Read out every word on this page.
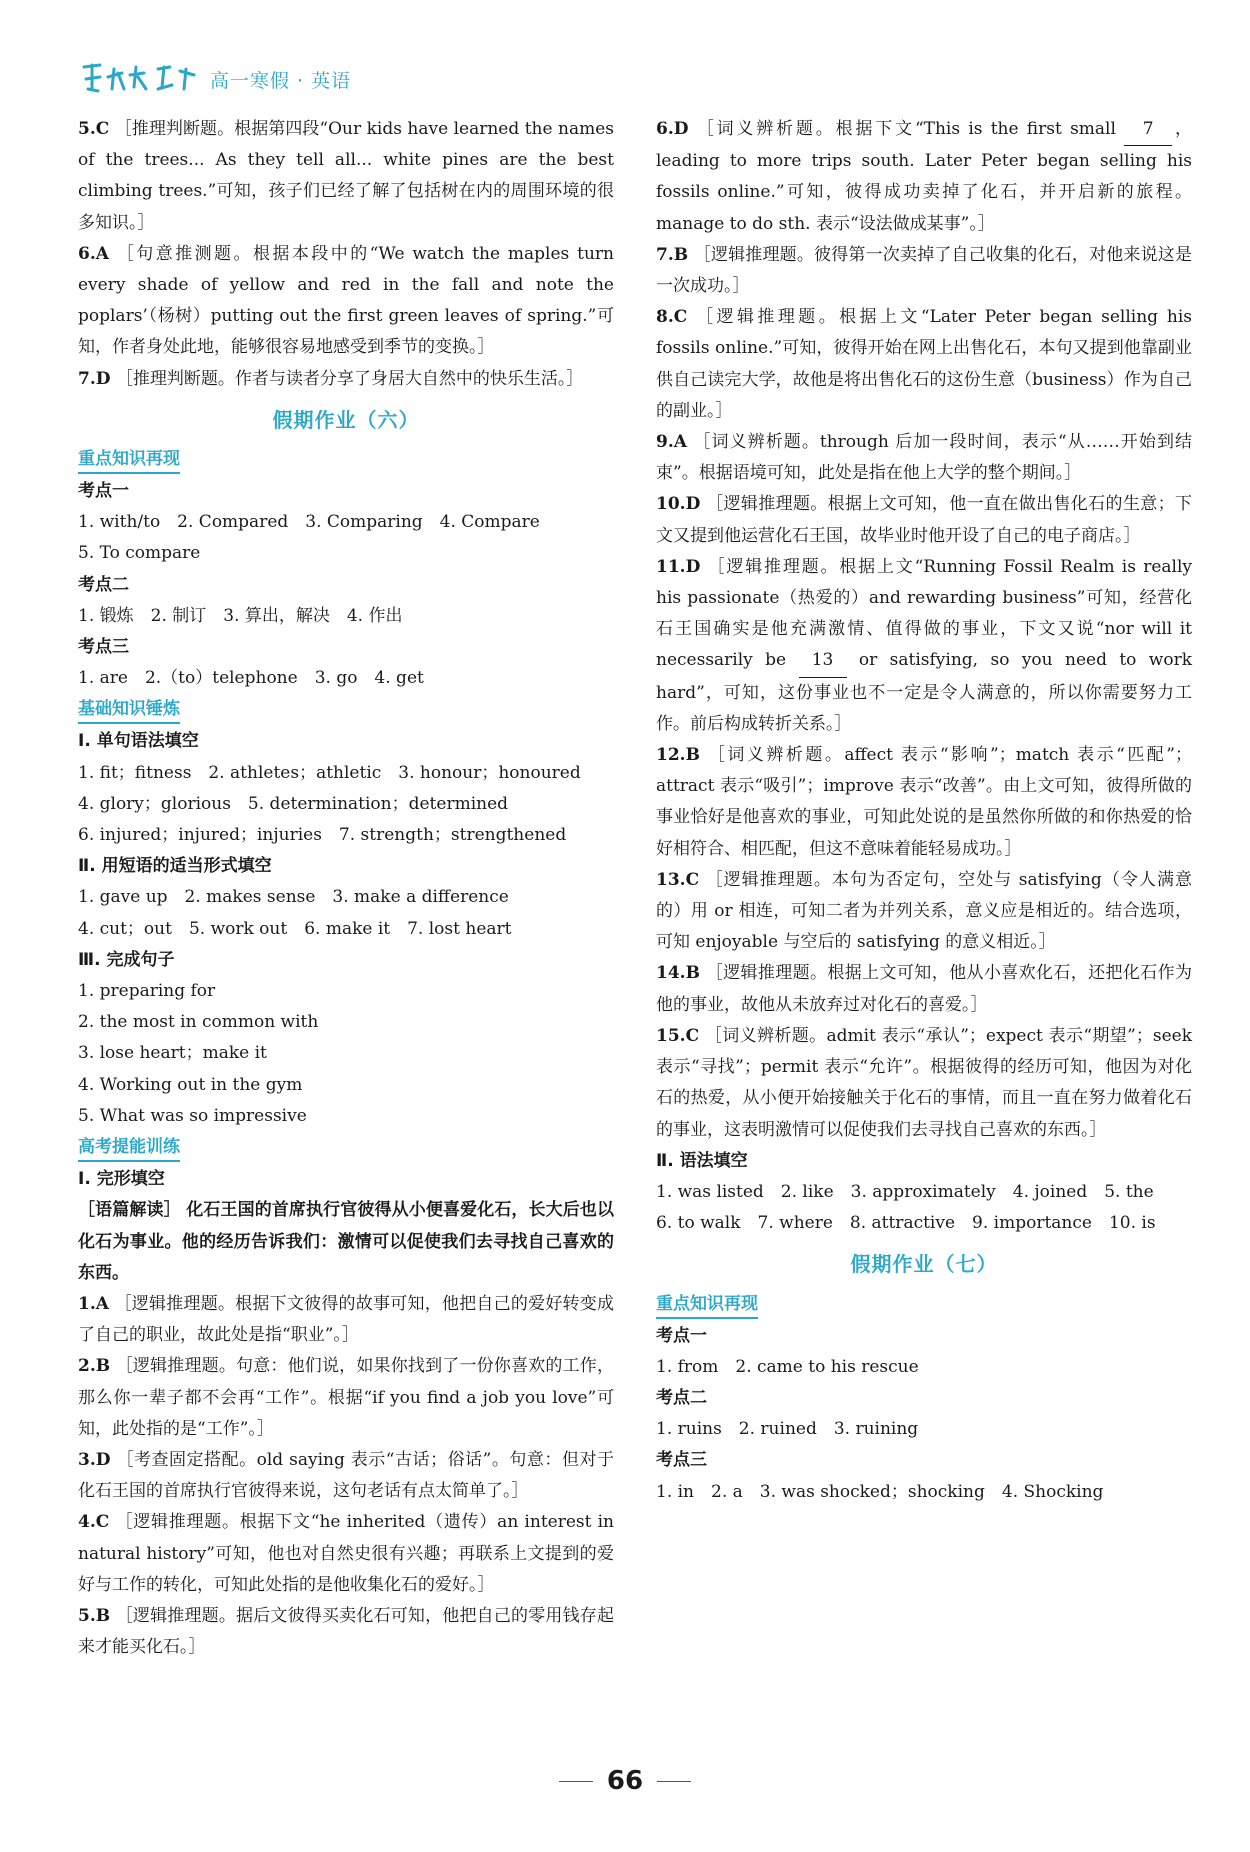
高一寒假 · 英语

5.C ［推理判断题。根据第四段“Our kids have learned the names of the trees... As they tell all... white pines are the best climbing trees.”可知，孩子们已经了解了包括树在内的周围环境的很多知识。］

6.A ［句意推测题。根据本段中的“We watch the maples turn every shade of yellow and red in the fall and note the poplars’（杨树）putting out the first green leaves of spring.”可知，作者身处此地，能够很容易地感受到季节的变换。］

7.D ［推理判断题。作者与读者分享了身居大自然中的快乐生活。］

假期作业（六）
重点知识再现
考点一
1. with/to　2. Compared　3. Comparing　4. Compare
5. To compare
考点二
1. 锻炼　2. 制订　3. 算出，解决　4. 作出
考点三
1. are　2.（to）telephone　3. go　4. get
基础知识锤炼
Ⅰ. 单句语法填空
1. fit；fitness　2. athletes；athletic　3. honour；honoured
4. glory；glorious　5. determination；determined
6. injured；injured；injuries　7. strength；strengthened
Ⅱ. 用短语的适当形式填空
1. gave up　2. makes sense　3. make a difference
4. cut；out　5. work out　6. make it　7. lost heart
Ⅲ. 完成句子
1. preparing for
2. the most in common with
3. lose heart；make it
4. Working out in the gym
5. What was so impressive
高考提能训练
Ⅰ. 完形填空

［语篇解读］ 化石王国的首席执行官彼得从小便喜爱化石，长大后也以化石为事业。他的经历告诉我们：激情可以促使我们去寻找自己喜欢的东西。

1.A ［逻辑推理题。根据下文彼得的故事可知，他把自己的爱好转变成了自己的职业，故此处是指“职业”。］

2.B ［逻辑推理题。句意：他们说，如果你找到了一份你喜欢的工作，那么你一辈子都不会再“工作”。根据“if you find a job you love”可知，此处指的是“工作”。］

3.D ［考查固定搭配。old saying 表示“古话；俗话”。句意：但对于化石王国的首席执行官彼得来说，这句老话有点太简单了。］

4.C ［逻辑推理题。根据下文“he inherited（遗传）an interest in natural history”可知，他也对自然史很有兴趣；再联系上文提到的爱好与工作的转化，可知此处指的是他收集化石的爱好。］

5.B ［逻辑推理题。据后文彼得买卖化石可知，他把自己的零用钱存起来才能买化石。］

6.D ［词义辨析题。根据下文“This is the first small 7 ，leading to more trips south. Later Peter began selling his fossils online.”可知，彼得成功卖掉了化石，并开启新的旅程。manage to do sth. 表示“设法做成某事”。］

7.B ［逻辑推理题。彼得第一次卖掉了自己收集的化石，对他来说这是一次成功。］

8.C ［逻辑推理题。根据上文“Later Peter began selling his fossils online.”可知，彼得开始在网上出售化石，本句又提到他靠副业供自己读完大学，故他是将出售化石的这份生意（business）作为自己的副业。］

9.A ［词义辨析题。through 后加一段时间，表示“从……开始到结束”。根据语境可知，此处是指在他上大学的整个期间。］

10.D ［逻辑推理题。根据上文可知，他一直在做出售化石的生意；下文又提到他运营化石王国，故毕业时他开设了自己的电子商店。］

11.D ［逻辑推理题。根据上文“Running Fossil Realm is really his passionate（热爱的）and rewarding business”可知，经营化石王国确实是他充满激情、值得做的事业，下文又说“nor will it necessarily be 13 or satisfying, so you need to work hard”，可知，这份事业也不一定是令人满意的，所以你需要努力工作。前后构成转折关系。］

12.B ［词义辨析题。affect 表示“影响”；match 表示“匹配”；attract 表示“吸引”；improve 表示“改善”。由上文可知，彼得所做的事业恰好是他喜欢的事业，可知此处说的是虽然你所做的和你热爱的恰好相符合、相匹配，但这不意味着能轻易成功。］

13.C ［逻辑推理题。本句为否定句，空处与 satisfying（令人满意的）用 or 相连，可知二者为并列关系，意义应是相近的。结合选项，可知 enjoyable 与空后的 satisfying 的意义相近。］

14.B ［逻辑推理题。根据上文可知，他从小喜欢化石，还把化石作为他的事业，故他从未放弃过对化石的喜爱。］

15.C ［词义辨析题。admit 表示“承认”；expect 表示“期望”；seek 表示“寻找”；permit 表示“允许”。根据彼得的经历可知，他因为对化石的热爱，从小便开始接触关于化石的事情，而且一直在努力做着化石的事业，这表明激情可以促使我们去寻找自己喜欢的东西。］

Ⅱ. 语法填空
1. was listed　2. like　3. approximately　4. joined　5. the
6. to walk　7. where　8. attractive　9. importance　10. is
假期作业（七）
重点知识再现
考点一
1. from　2. came to his rescue
考点二
1. ruins　2. ruined　3. ruining
考点三
1. in　2. a　3. was shocked；shocking　4. Shocking
66
